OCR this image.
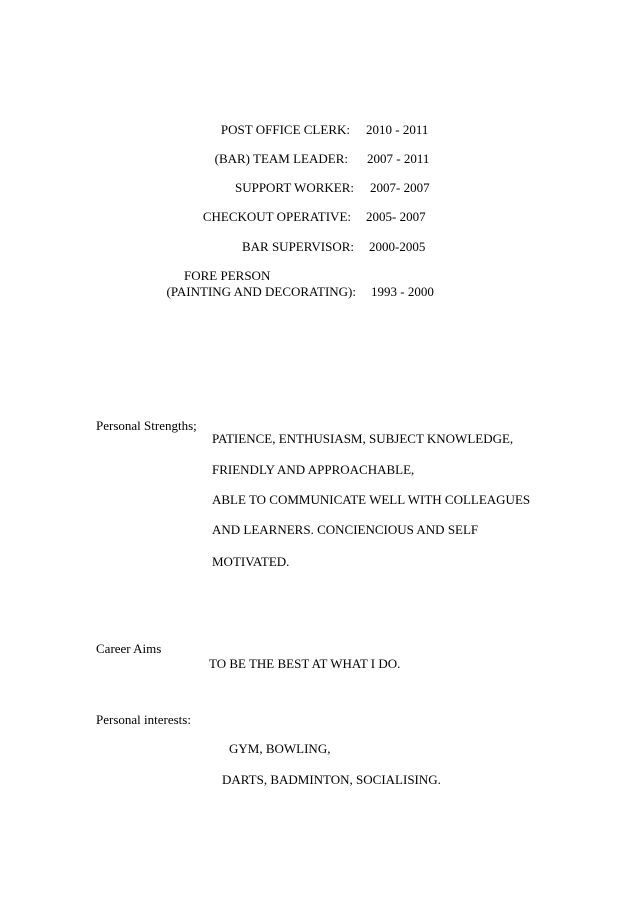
POST OFFICE CLERK: 2010 - 2011
(BAR) TEAM LEADER: 2007 - 2011
SUPPORT WORKER: 2007- 2007
CHECKOUT OPERATIVE: 2005- 2007
BAR SUPERVISOR: 2000-2005
FORE PERSON
(PAINTING AND DECORATING): 1993 - 2000
Personal Strengths;
PATIENCE, ENTHUSIASM, SUBJECT KNOWLEDGE,
FRIENDLY AND APPROACHABLE,
ABLE TO COMMUNICATE WELL WITH COLLEAGUES
AND LEARNERS. CONCIENCIOUS AND SELF
MOTIVATED.
Career Aims
TO BE THE BEST AT WHAT I DO.
Personal interests:
GYM, BOWLING,
DARTS, BADMINTON, SOCIALISING.
